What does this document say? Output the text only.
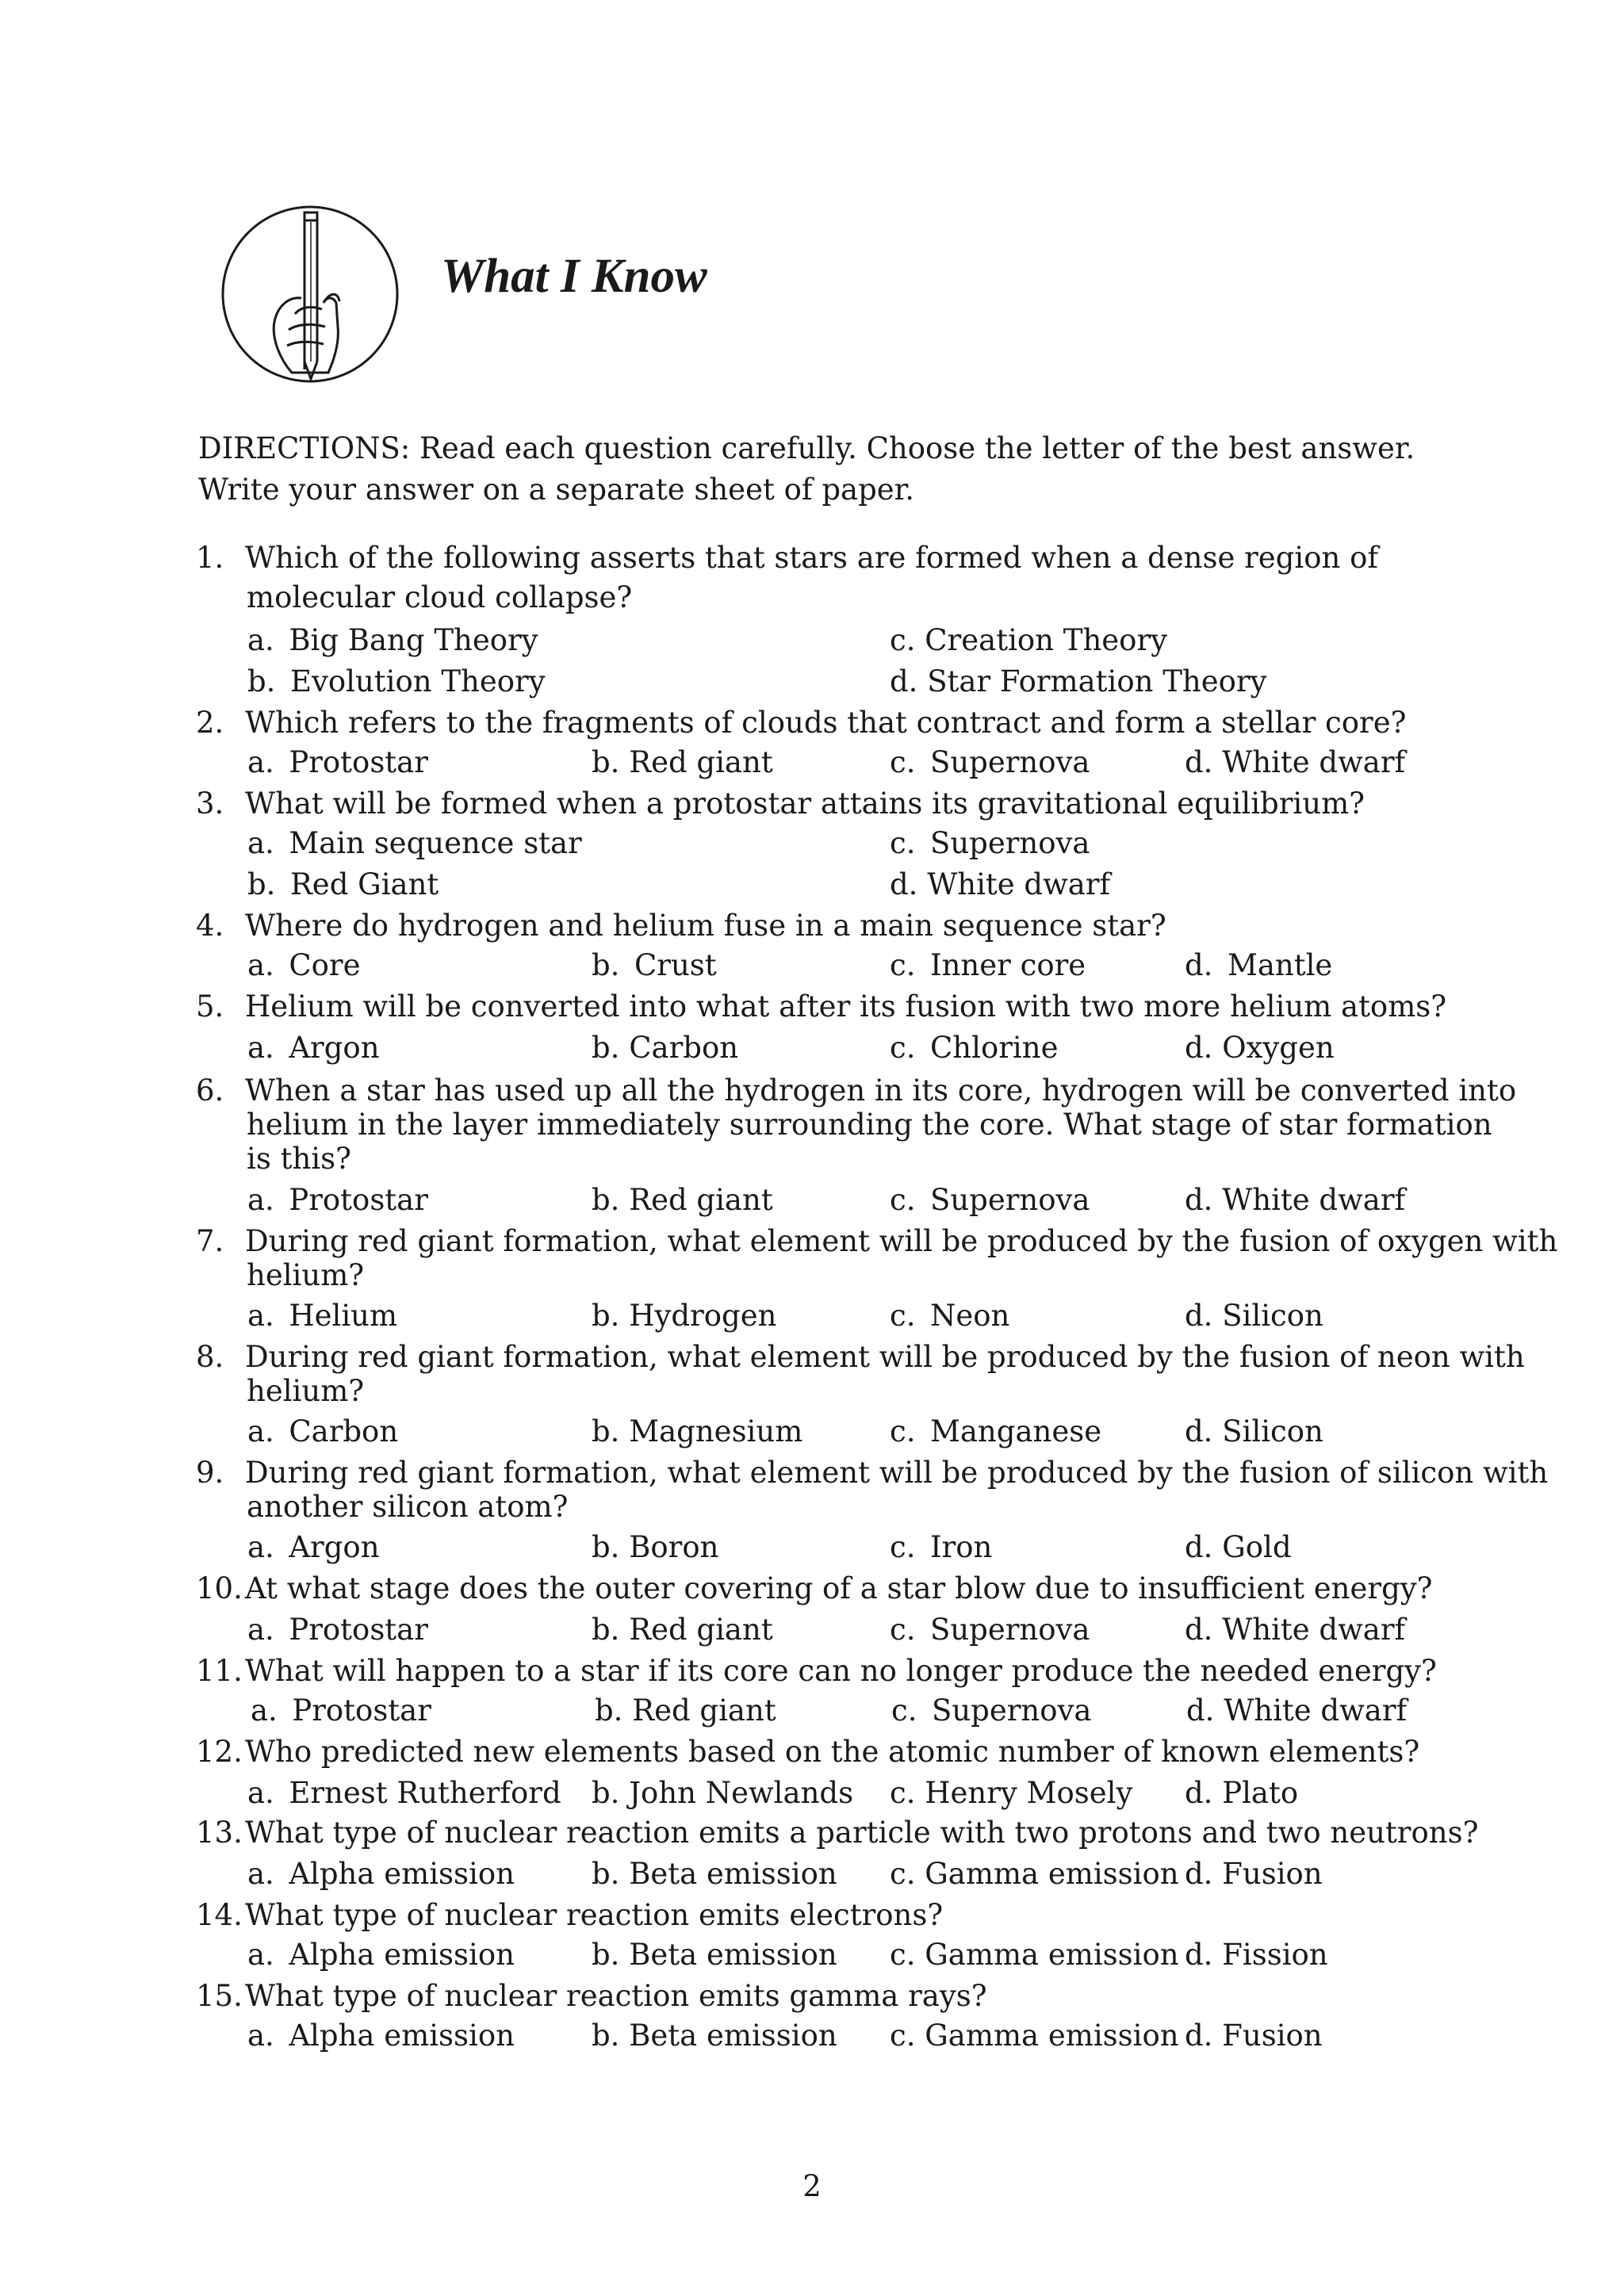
What I Know
DIRECTIONS: Read each question carefully. Choose the letter of the best answer.
Write your answer on a separate sheet of paper.
1. Which of the following asserts that stars are formed when a dense region of
molecular cloud collapse?
a. Big Bang Theory	c. Creation Theory
b. Evolution Theory	d. Star Formation Theory
2. Which refers to the fragments of clouds that contract and form a stellar core?
a. Protostar	b. Red giant	c. Supernova	d. White dwarf
3. What will be formed when a protostar attains its gravitational equilibrium?
a. Main sequence star	c. Supernova
b. Red Giant	d. White dwarf
4. Where do hydrogen and helium fuse in a main sequence star?
a. Core	b. Crust	c. Inner core	d. Mantle
5. Helium will be converted into what after its fusion with two more helium atoms?
a. Argon	b. Carbon	c. Chlorine	d. Oxygen
6. When a star has used up all the hydrogen in its core, hydrogen will be converted into
helium in the layer immediately surrounding the core. What stage of star formation
is this?
a. Protostar	b. Red giant	c. Supernova	d. White dwarf
7. During red giant formation, what element will be produced by the fusion of oxygen with
helium?
a. Helium	b. Hydrogen	c. Neon	d. Silicon
8. During red giant formation, what element will be produced by the fusion of neon with
helium?
a. Carbon	b. Magnesium	c. Manganese	d. Silicon
9. During red giant formation, what element will be produced by the fusion of silicon with
another silicon atom?
a. Argon	b. Boron	c. Iron	d. Gold
10.At what stage does the outer covering of a star blow due to insufficient energy?
a. Protostar	b. Red giant	c. Supernova	d. White dwarf
11.What will happen to a star if its core can no longer produce the needed energy?
a. Protostar	b. Red giant	c. Supernova	d. White dwarf
12.Who predicted new elements based on the atomic number of known elements?
a. Ernest Rutherford b. John Newlands c. Henry Mosely d. Plato
13.What type of nuclear reaction emits a particle with two protons and two neutrons?
a. Alpha emission	b. Beta emission c. Gamma emission d. Fusion
14.What type of nuclear reaction emits electrons?
a. Alpha emission	b. Beta emission c. Gamma emission d. Fission
15.What type of nuclear reaction emits gamma rays?
a. Alpha emission	b. Beta emission c. Gamma emission d. Fusion
2
